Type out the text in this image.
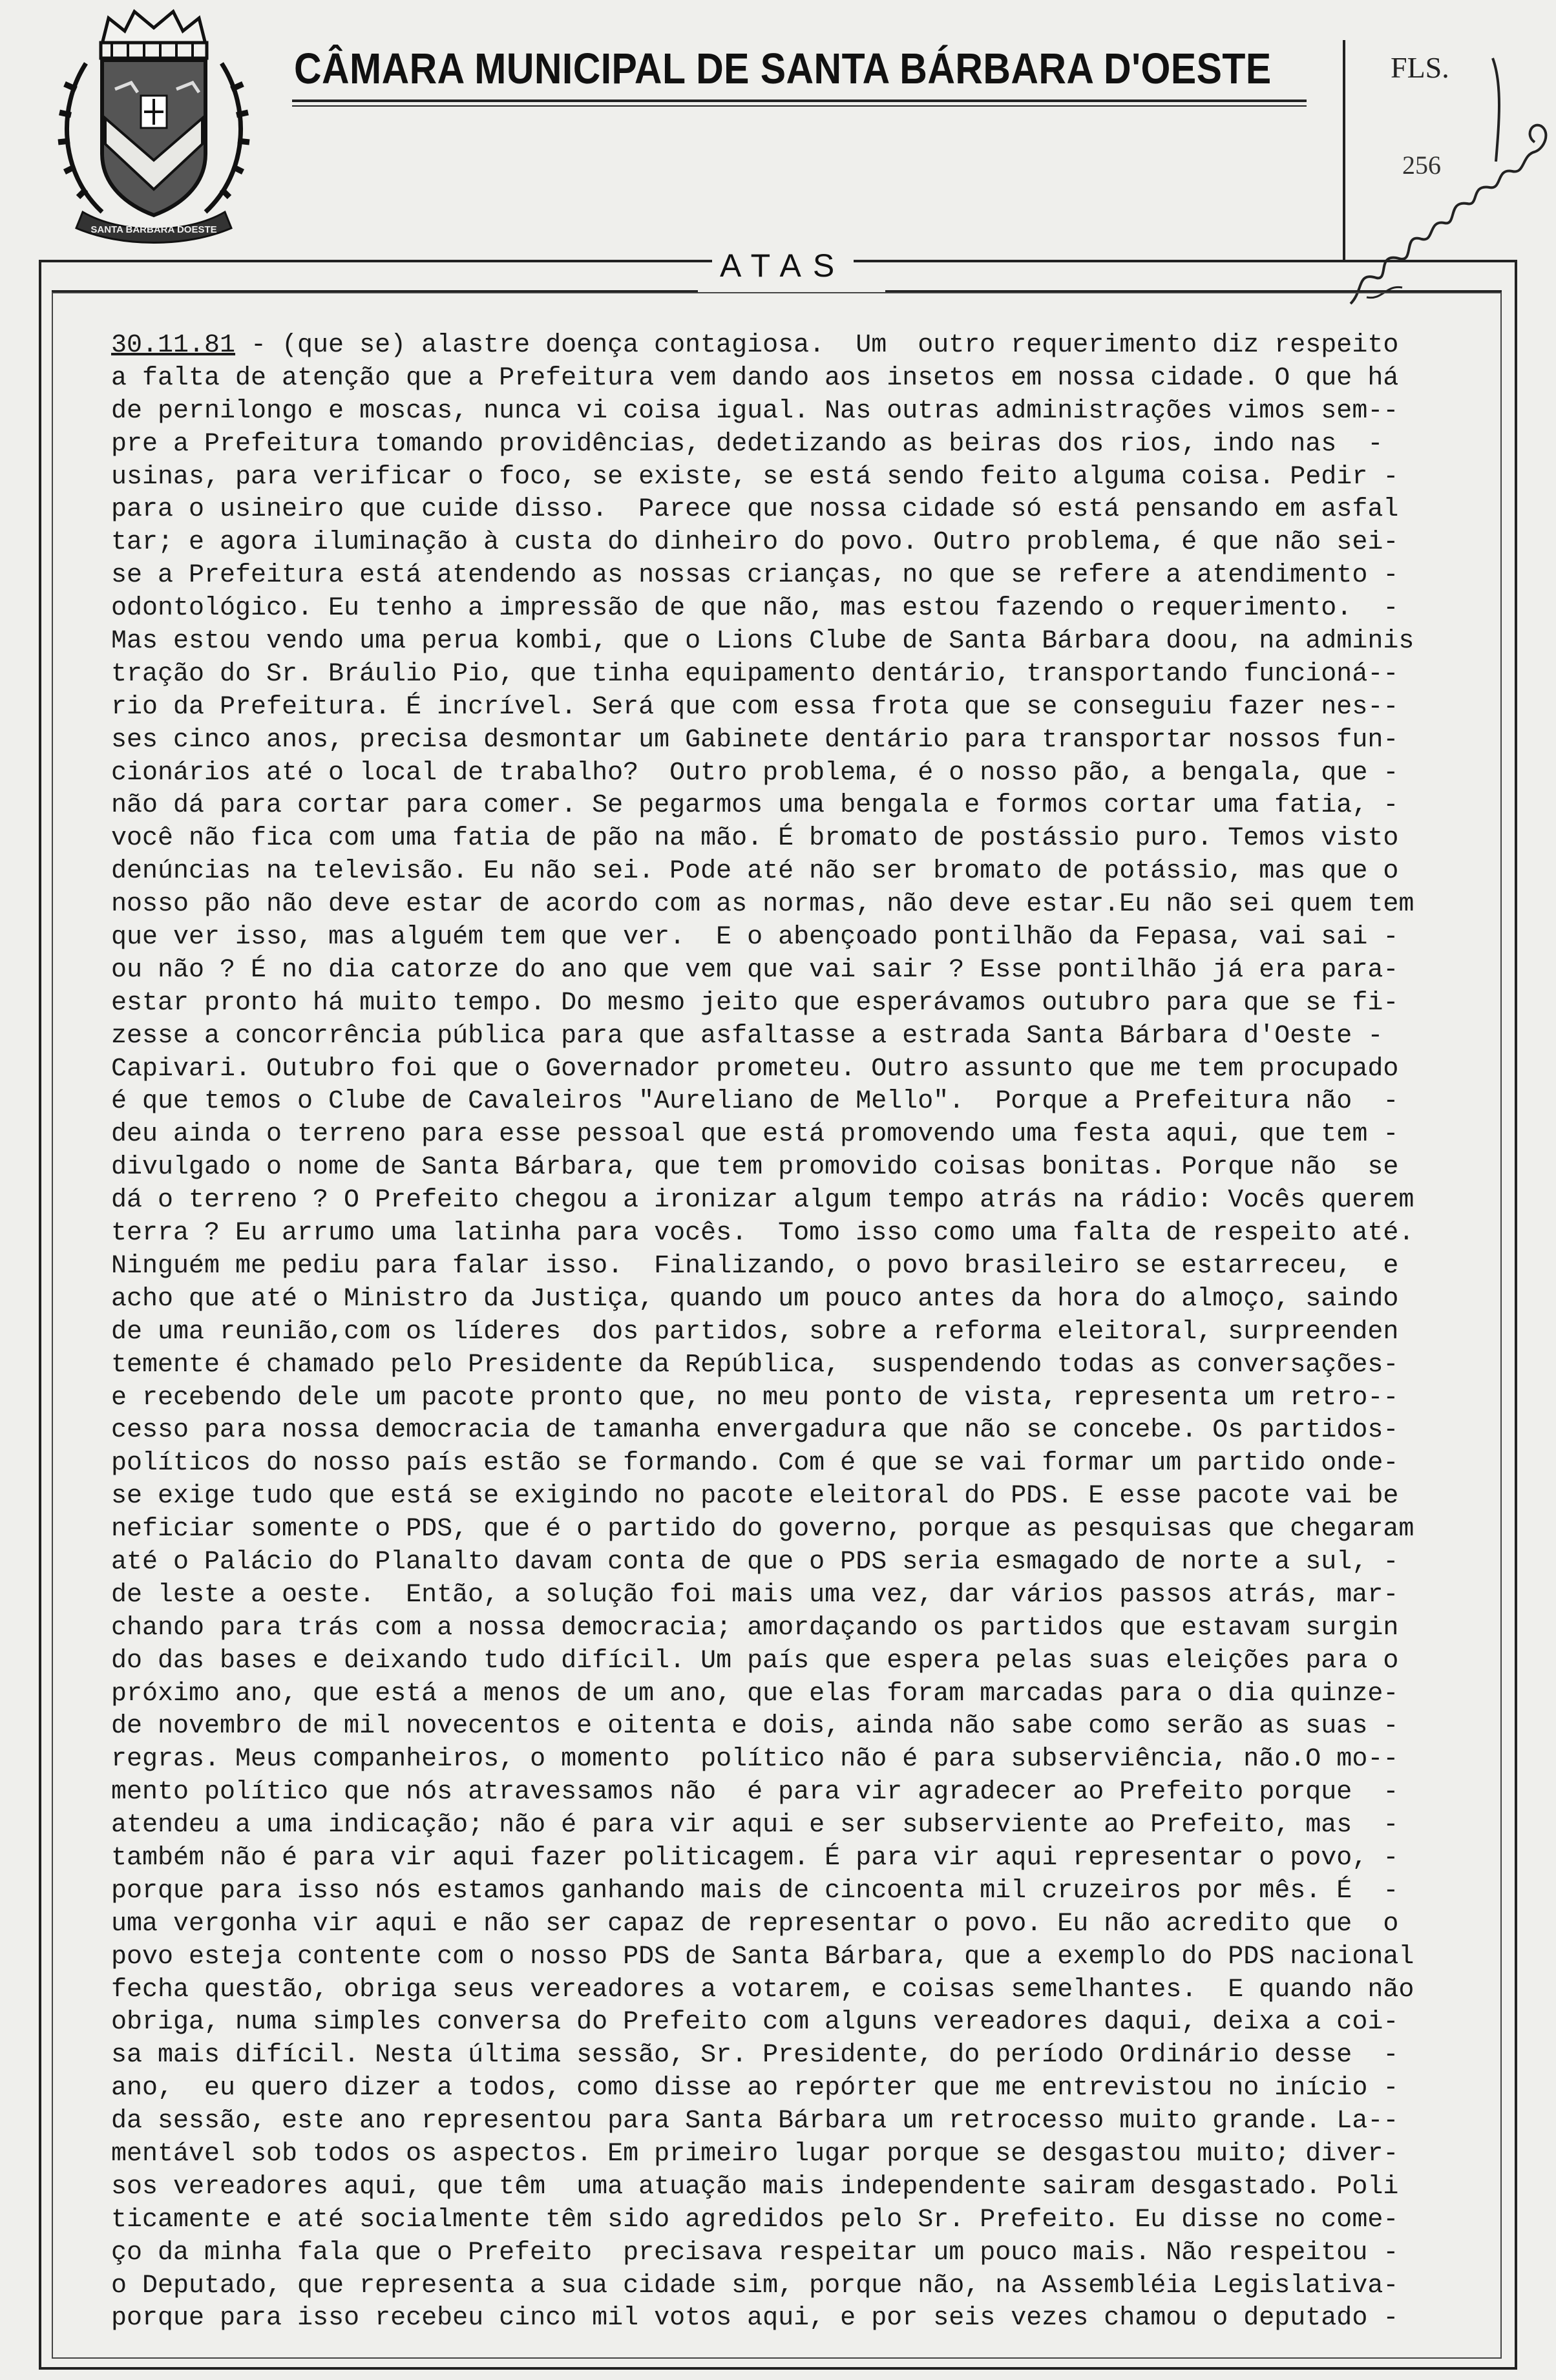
SANTA BARBARA DOESTE
CÂMARA MUNICIPAL DE SANTA BÁRBARA D'OESTE	FLS.
256
ATAS
30.11.81 - (que se) alastre doença contagiosa.  Um  outro requerimento diz respeito
a falta de atenção que a Prefeitura vem dando aos insetos em nossa cidade. O que há
de pernilongo e moscas, nunca vi coisa igual. Nas outras administrações vimos sem--
pre a Prefeitura tomando providências, dedetizando as beiras dos rios, indo nas  -
usinas, para verificar o foco, se existe, se está sendo feito alguma coisa. Pedir -
para o usineiro que cuide disso.  Parece que nossa cidade só está pensando em asfal
tar; e agora iluminação à custa do dinheiro do povo. Outro problema, é que não sei-
se a Prefeitura está atendendo as nossas crianças, no que se refere a atendimento -
odontológico. Eu tenho a impressão de que não, mas estou fazendo o requerimento.  -
Mas estou vendo uma perua kombi, que o Lions Clube de Santa Bárbara doou, na adminis
tração do Sr. Bráulio Pio, que tinha equipamento dentário, transportando funcioná--
rio da Prefeitura. É incrível. Será que com essa frota que se conseguiu fazer nes--
ses cinco anos, precisa desmontar um Gabinete dentário para transportar nossos fun-
cionários até o local de trabalho?  Outro problema, é o nosso pão, a bengala, que -
não dá para cortar para comer. Se pegarmos uma bengala e formos cortar uma fatia, -
você não fica com uma fatia de pão na mão. É bromato de postássio puro. Temos visto
denúncias na televisão. Eu não sei. Pode até não ser bromato de potássio, mas que o
nosso pão não deve estar de acordo com as normas, não deve estar.Eu não sei quem tem
que ver isso, mas alguém tem que ver.  E o abençoado pontilhão da Fepasa, vai sai -
ou não ? É no dia catorze do ano que vem que vai sair ? Esse pontilhão já era para-
estar pronto há muito tempo. Do mesmo jeito que esperávamos outubro para que se fi-
zesse a concorrência pública para que asfaltasse a estrada Santa Bárbara d'Oeste -
Capivari. Outubro foi que o Governador prometeu. Outro assunto que me tem procupado
é que temos o Clube de Cavaleiros "Aureliano de Mello".  Porque a Prefeitura não  -
deu ainda o terreno para esse pessoal que está promovendo uma festa aqui, que tem -
divulgado o nome de Santa Bárbara, que tem promovido coisas bonitas. Porque não  se
dá o terreno ? O Prefeito chegou a ironizar algum tempo atrás na rádio: Vocês querem
terra ? Eu arrumo uma latinha para vocês.  Tomo isso como uma falta de respeito até.
Ninguém me pediu para falar isso.  Finalizando, o povo brasileiro se estarreceu,  e
acho que até o Ministro da Justiça, quando um pouco antes da hora do almoço, saindo
de uma reunião,com os líderes  dos partidos, sobre a reforma eleitoral, surpreenden
temente é chamado pelo Presidente da República,  suspendendo todas as conversações-
e recebendo dele um pacote pronto que, no meu ponto de vista, representa um retro--
cesso para nossa democracia de tamanha envergadura que não se concebe. Os partidos-
políticos do nosso país estão se formando. Com é que se vai formar um partido onde-
se exige tudo que está se exigindo no pacote eleitoral do PDS. E esse pacote vai be
neficiar somente o PDS, que é o partido do governo, porque as pesquisas que chegaram
até o Palácio do Planalto davam conta de que o PDS seria esmagado de norte a sul, -
de leste a oeste.  Então, a solução foi mais uma vez, dar vários passos atrás, mar-
chando para trás com a nossa democracia; amordaçando os partidos que estavam surgin
do das bases e deixando tudo difícil. Um país que espera pelas suas eleições para o
próximo ano, que está a menos de um ano, que elas foram marcadas para o dia quinze-
de novembro de mil novecentos e oitenta e dois, ainda não sabe como serão as suas -
regras. Meus companheiros, o momento  político não é para subserviência, não.O mo--
mento político que nós atravessamos não  é para vir agradecer ao Prefeito porque  -
atendeu a uma indicação; não é para vir aqui e ser subserviente ao Prefeito, mas  -
também não é para vir aqui fazer politicagem. É para vir aqui representar o povo, -
porque para isso nós estamos ganhando mais de cincoenta mil cruzeiros por mês. É  -
uma vergonha vir aqui e não ser capaz de representar o povo. Eu não acredito que  o
povo esteja contente com o nosso PDS de Santa Bárbara, que a exemplo do PDS nacional
fecha questão, obriga seus vereadores a votarem, e coisas semelhantes.  E quando não
obriga, numa simples conversa do Prefeito com alguns vereadores daqui, deixa a coi-
sa mais difícil. Nesta última sessão, Sr. Presidente, do período Ordinário desse  -
ano,  eu quero dizer a todos, como disse ao repórter que me entrevistou no início -
da sessão, este ano representou para Santa Bárbara um retrocesso muito grande. La--
mentável sob todos os aspectos. Em primeiro lugar porque se desgastou muito; diver-
sos vereadores aqui, que têm  uma atuação mais independente sairam desgastado. Poli
ticamente e até socialmente têm sido agredidos pelo Sr. Prefeito. Eu disse no come-
ço da minha fala que o Prefeito  precisava respeitar um pouco mais. Não respeitou -
o Deputado, que representa a sua cidade sim, porque não, na Assembléia Legislativa-
porque para isso recebeu cinco mil votos aqui, e por seis vezes chamou o deputado -
